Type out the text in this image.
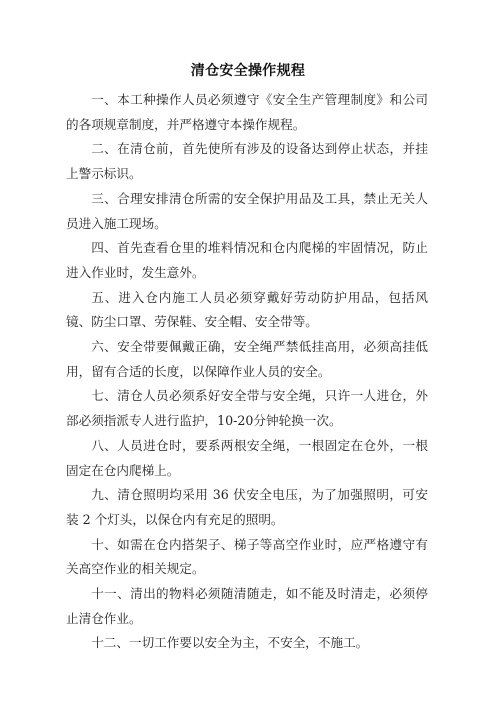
清仓安全操作规程

一、本工种操作人员必须遵守《安全生产管理制度》和公司的各项规章制度，并严格遵守本操作规程。

二、在清仓前，首先使所有涉及的设备达到停止状态，并挂上警示标识。

三、合理安排清仓所需的安全保护用品及工具，禁止无关人员进入施工现场。

四、首先查看仓里的堆料情况和仓内爬梯的牢固情况，防止进入作业时，发生意外。

五、进入仓内施工人员必须穿戴好劳动防护用品，包括风镜、防尘口罩、劳保鞋、安全帽、安全带等。

六、安全带要佩戴正确，安全绳严禁低挂高用，必须高挂低用，留有合适的长度，以保障作业人员的安全。

七、清仓人员必须系好安全带与安全绳，只许一人进仓，外部必须指派专人进行监护，10-20分钟轮换一次。

八、人员进仓时，要系两根安全绳，一根固定在仓外，一根固定在仓内爬梯上。

九、清仓照明均采用 36 伏安全电压，为了加强照明，可安装 2 个灯头，以保仓内有充足的照明。

十、如需在仓内搭架子、梯子等高空作业时，应严格遵守有关高空作业的相关规定。

十一、清出的物料必须随清随走，如不能及时清走，必须停止清仓作业。

十二、一切工作要以安全为主，不安全，不施工。
